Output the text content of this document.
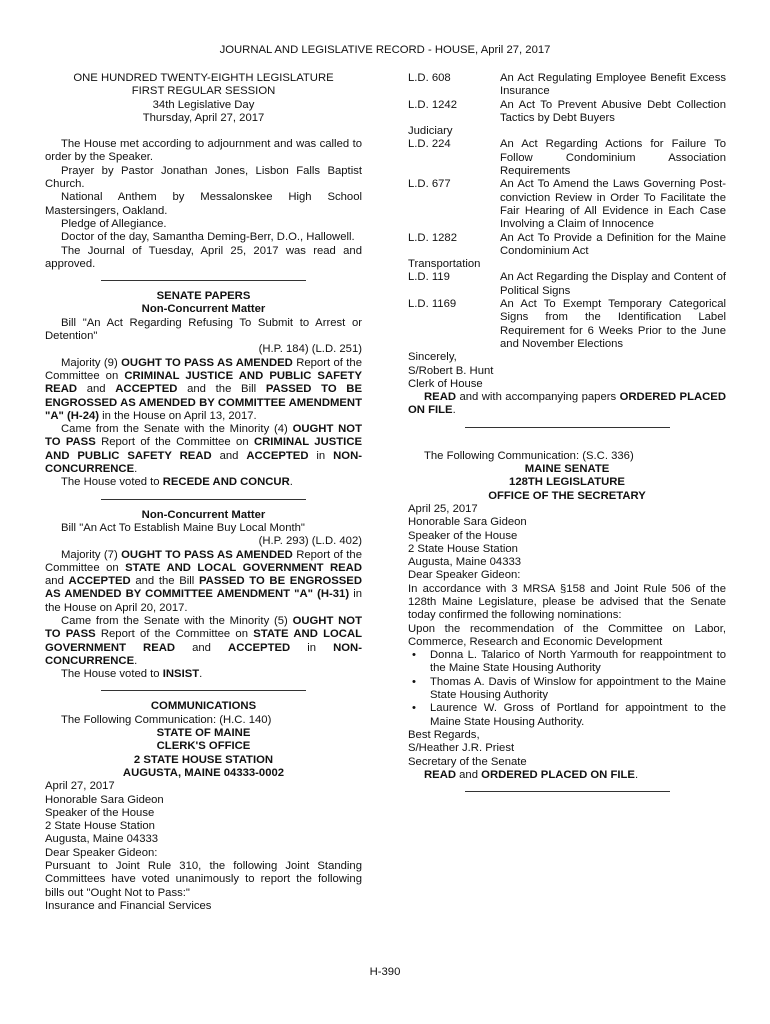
JOURNAL AND LEGISLATIVE RECORD - HOUSE, April 27, 2017
ONE HUNDRED TWENTY-EIGHTH LEGISLATURE
FIRST REGULAR SESSION
34th Legislative Day
Thursday, April 27, 2017

The House met according to adjournment and was called to order by the Speaker.

Prayer by Pastor Jonathan Jones, Lisbon Falls Baptist Church.

National Anthem by Messalonskee High School Mastersingers, Oakland.

Pledge of Allegiance.

Doctor of the day, Samantha Deming-Berr, D.O., Hallowell.

The Journal of Tuesday, April 25, 2017 was read and approved.

SENATE PAPERS
Non-Concurrent Matter

Bill "An Act Regarding Refusing To Submit to Arrest or Detention"

(H.P. 184) (L.D. 251)

Majority (9) OUGHT TO PASS AS AMENDED Report of the Committee on CRIMINAL JUSTICE AND PUBLIC SAFETY READ and ACCEPTED and the Bill PASSED TO BE ENGROSSED AS AMENDED BY COMMITTEE AMENDMENT "A" (H-24) in the House on April 13, 2017.

Came from the Senate with the Minority (4) OUGHT NOT TO PASS Report of the Committee on CRIMINAL JUSTICE AND PUBLIC SAFETY READ and ACCEPTED in NON-CONCURRENCE.

The House voted to RECEDE AND CONCUR.

Non-Concurrent Matter

Bill "An Act To Establish Maine Buy Local Month"

(H.P. 293) (L.D. 402)

Majority (7) OUGHT TO PASS AS AMENDED Report of the Committee on STATE AND LOCAL GOVERNMENT READ and ACCEPTED and the Bill PASSED TO BE ENGROSSED AS AMENDED BY COMMITTEE AMENDMENT "A" (H-31) in the House on April 20, 2017.

Came from the Senate with the Minority (5) OUGHT NOT TO PASS Report of the Committee on STATE AND LOCAL GOVERNMENT READ and ACCEPTED in NON-CONCURRENCE.

The House voted to INSIST.

COMMUNICATIONS

The Following Communication: (H.C. 140)

STATE OF MAINE
CLERK'S OFFICE
2 STATE HOUSE STATION
AUGUSTA, MAINE 04333-0002
April 27, 2017
Honorable Sara Gideon
Speaker of the House
2 State House Station
Augusta, Maine 04333
Dear Speaker Gideon:

Pursuant to Joint Rule 310, the following Joint Standing Committees have voted unanimously to report the following bills out "Ought Not to Pass:"

Insurance and Financial Services
L.D. 608	An Act Regulating Employee Benefit Excess Insurance
L.D. 1242	An Act To Prevent Abusive Debt Collection Tactics by Debt Buyers
Judiciary
L.D. 224	An Act Regarding Actions for Failure To Follow Condominium Association Requirements
L.D. 677	An Act To Amend the Laws Governing Post-conviction Review in Order To Facilitate the Fair Hearing of All Evidence in Each Case Involving a Claim of Innocence
L.D. 1282	An Act To Provide a Definition for the Maine Condominium Act
Transportation
L.D. 119	An Act Regarding the Display and Content of Political Signs
L.D. 1169	An Act To Exempt Temporary Categorical Signs from the Identification Label Requirement for 6 Weeks Prior to the June and November Elections
Sincerely,
S/Robert B. Hunt
Clerk of House

READ and with accompanying papers ORDERED PLACED ON FILE.

The Following Communication: (S.C. 336)

MAINE SENATE
128TH LEGISLATURE
OFFICE OF THE SECRETARY
April 25, 2017
Honorable Sara Gideon
Speaker of the House
2 State House Station
Augusta, Maine 04333
Dear Speaker Gideon:

In accordance with 3 MRSA §158 and Joint Rule 506 of the 128th Maine Legislature, please be advised that the Senate today confirmed the following nominations:

Upon the recommendation of the Committee on Labor, Commerce, Research and Economic Development

• Donna L. Talarico of North Yarmouth for reappointment to the Maine State Housing Authority
• Thomas A. Davis of Winslow for appointment to the Maine State Housing Authority
• Laurence W. Gross of Portland for appointment to the Maine State Housing Authority.
Best Regards,
S/Heather J.R. Priest
Secretary of the Senate

READ and ORDERED PLACED ON FILE.

H-390
